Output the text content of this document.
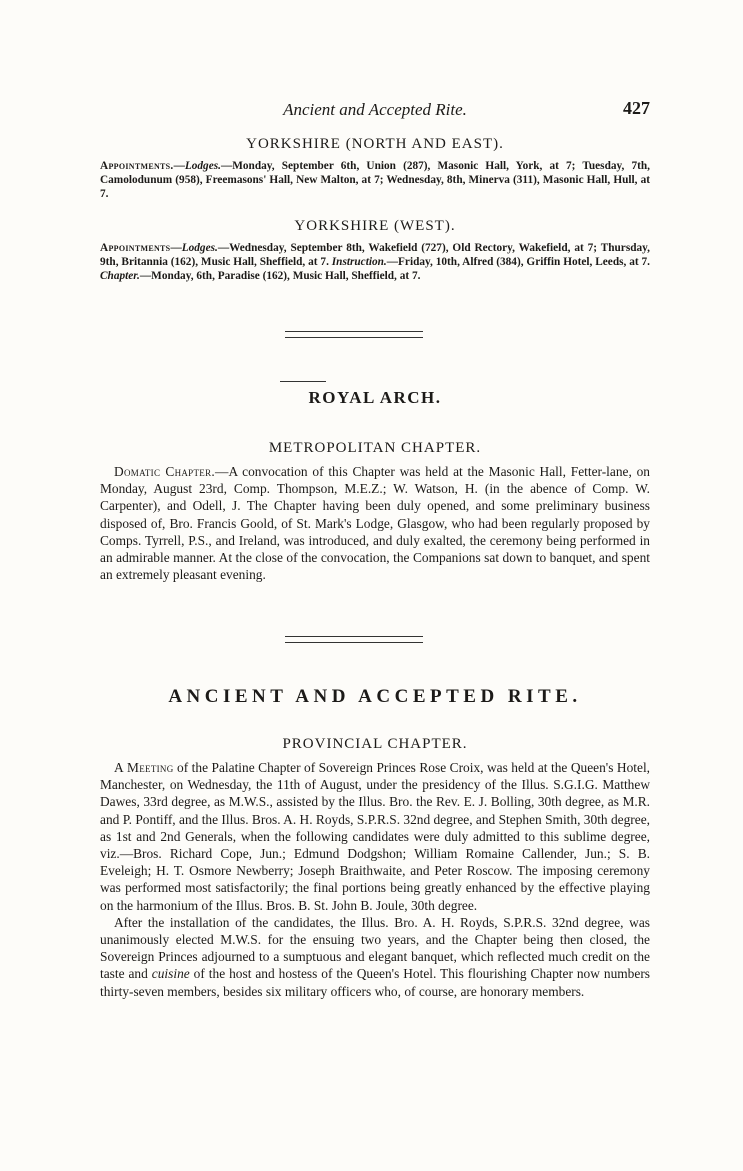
Ancient and Accepted Rite.	427
YORKSHIRE (NORTH AND EAST).

Appointments.—Lodges.—Monday, September 6th, Union (287), Masonic Hall, York, at 7; Tuesday, 7th, Camolodunum (958), Freemasons' Hall, New Malton, at 7; Wednesday, 8th, Minerva (311), Masonic Hall, Hull, at 7.

YORKSHIRE (WEST).

Appointments—Lodges.—Wednesday, September 8th, Wakefield (727), Old Rectory, Wakefield, at 7; Thursday, 9th, Britannia (162), Music Hall, Sheffield, at 7. Instruction.—Friday, 10th, Alfred (384), Griffin Hotel, Leeds, at 7. Chapter.—Monday, 6th, Paradise (162), Music Hall, Sheffield, at 7.

ROYAL ARCH.
METROPOLITAN CHAPTER.

Domatic Chapter.—A convocation of this Chapter was held at the Masonic Hall, Fetter-lane, on Monday, August 23rd, Comp. Thompson, M.E.Z.; W. Watson, H. (in the abence of Comp. W. Carpenter), and Odell, J. The Chapter having been duly opened, and some preliminary business disposed of, Bro. Francis Goold, of St. Mark's Lodge, Glasgow, who had been regularly proposed by Comps. Tyrrell, P.S., and Ireland, was introduced, and duly exalted, the ceremony being performed in an admirable manner. At the close of the convocation, the Companions sat down to banquet, and spent an extremely pleasant evening.

ANCIENT AND ACCEPTED RITE.
PROVINCIAL CHAPTER.

A Meeting of the Palatine Chapter of Sovereign Princes Rose Croix, was held at the Queen's Hotel, Manchester, on Wednesday, the 11th of August, under the presidency of the Illus. S.G.I.G. Matthew Dawes, 33rd degree, as M.W.S., assisted by the Illus. Bro. the Rev. E. J. Bolling, 30th degree, as M.R. and P. Pontiff, and the Illus. Bros. A. H. Royds, S.P.R.S. 32nd degree, and Stephen Smith, 30th degree, as 1st and 2nd Generals, when the following candidates were duly admitted to this sublime degree, viz.—Bros. Richard Cope, Jun.; Edmund Dodgshon; William Romaine Callender, Jun.; S. B. Eveleigh; H. T. Osmore Newberry; Joseph Braithwaite, and Peter Roscow. The imposing ceremony was performed most satisfactorily; the final portions being greatly enhanced by the effective playing on the harmonium of the Illus. Bros. B. St. John B. Joule, 30th degree.

After the installation of the candidates, the Illus. Bro. A. H. Royds, S.P.R.S. 32nd degree, was unanimously elected M.W.S. for the ensuing two years, and the Chapter being then closed, the Sovereign Princes adjourned to a sumptuous and elegant banquet, which reflected much credit on the taste and cuisine of the host and hostess of the Queen's Hotel. This flourishing Chapter now numbers thirty-seven members, besides six military officers who, of course, are honorary members.
